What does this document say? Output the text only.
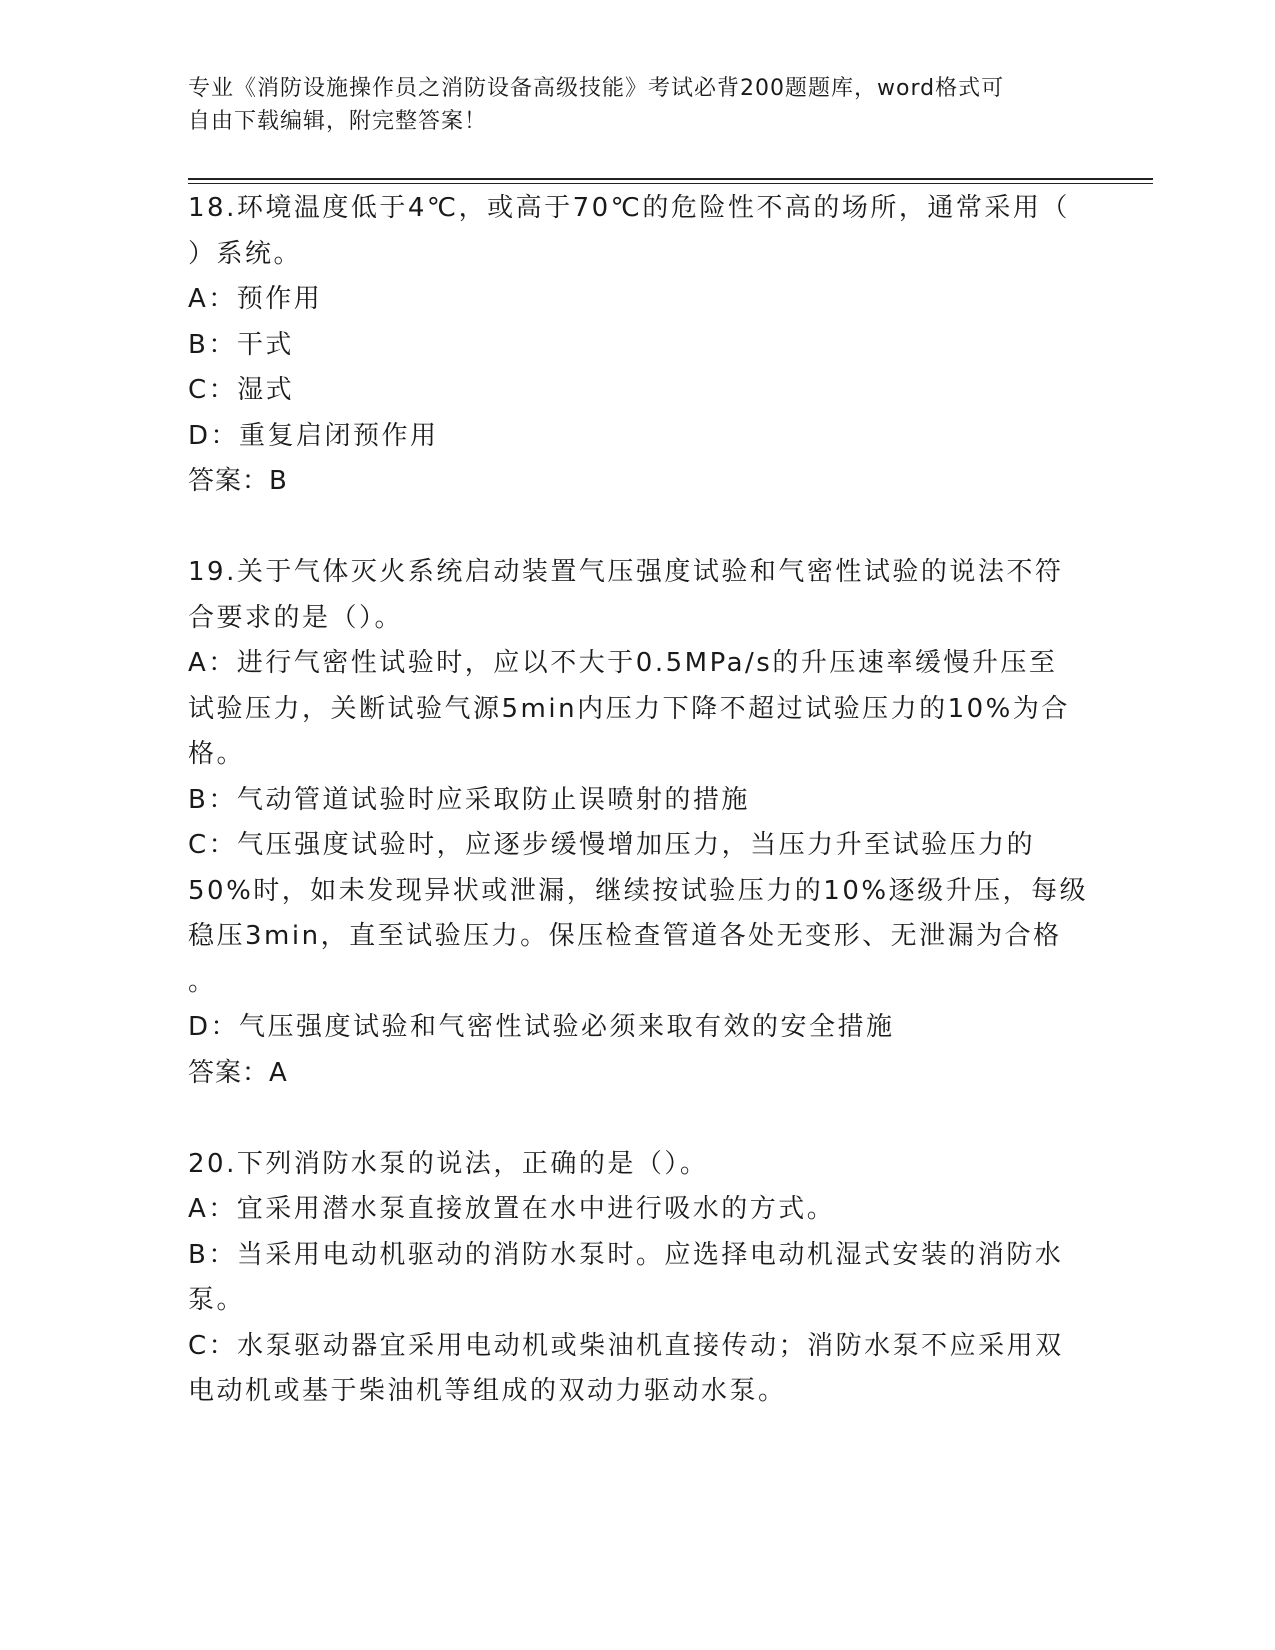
专业《消防设施操作员之消防设备高级技能》考试必背200题题库，word格式可
自由下载编辑，附完整答案！
18.环境温度低于4℃，或高于70℃的危险性不高的场所，通常采用（
）系统。
A：预作用
B：干式
C：湿式
D：重复启闭预作用
答案：B
19.关于气体灭火系统启动装置气压强度试验和气密性试验的说法不符
合要求的是（）。
A：进行气密性试验时，应以不大于0.5MPa/s的升压速率缓慢升压至
试验压力，关断试验气源5min内压力下降不超过试验压力的10%为合
格。
B：气动管道试验时应采取防止误喷射的措施
C：气压强度试验时，应逐步缓慢增加压力，当压力升至试验压力的
50%时，如未发现异状或泄漏，继续按试验压力的10%逐级升压，每级
稳压3min，直至试验压力。保压检查管道各处无变形、无泄漏为合格
。
D：气压强度试验和气密性试验必须来取有效的安全措施
答案：A
20.下列消防水泵的说法，正确的是（）。
A：宜采用潜水泵直接放置在水中进行吸水的方式。
B：当采用电动机驱动的消防水泵时。应选择电动机湿式安装的消防水
泵。
C：水泵驱动器宜采用电动机或柴油机直接传动；消防水泵不应采用双
电动机或基于柴油机等组成的双动力驱动水泵。
